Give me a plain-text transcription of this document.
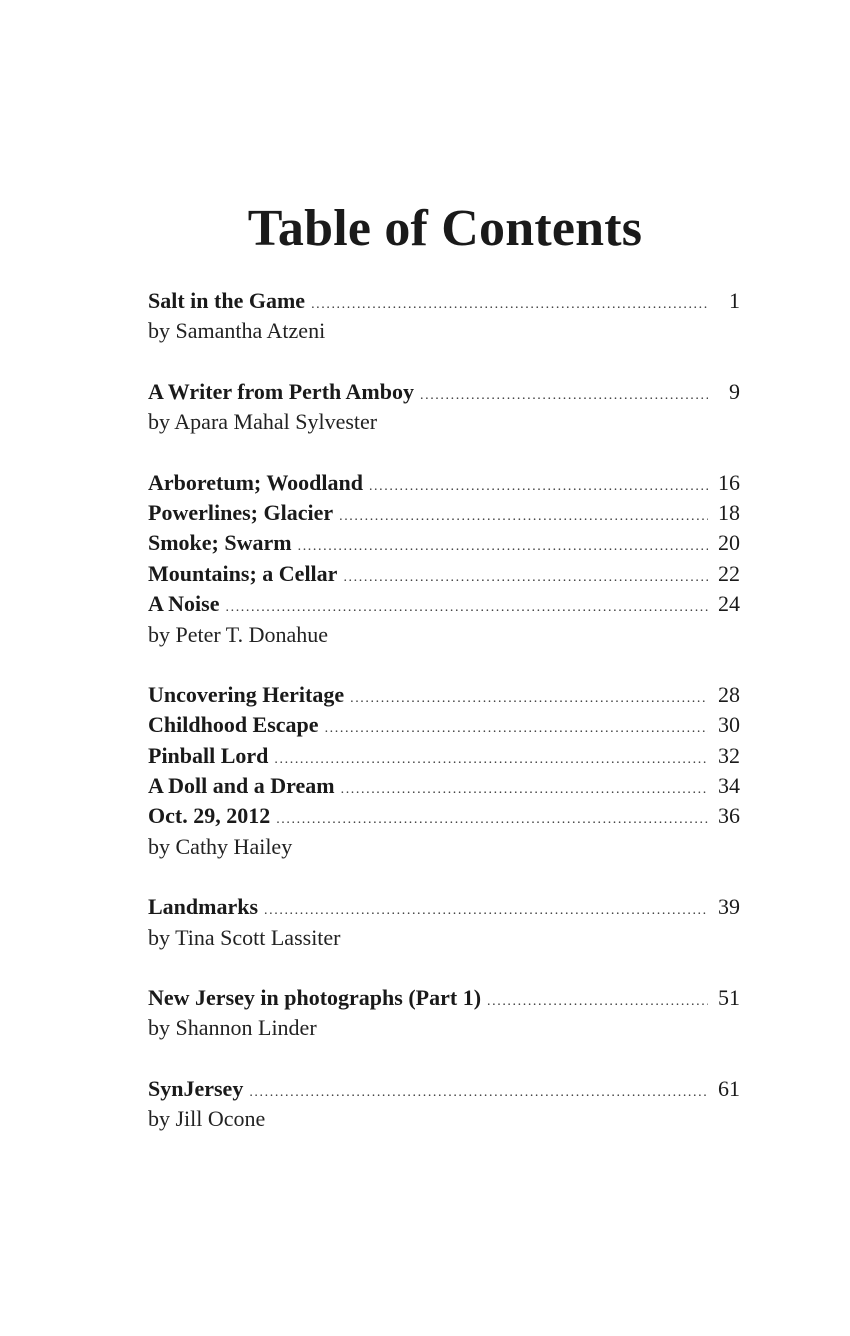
Table of Contents
Salt in the Game .....	1
by Samantha Atzeni
A Writer from Perth Amboy .....	9
by Apara Mahal Sylvester
Arboretum; Woodland .....	16
Powerlines; Glacier .....	18
Smoke; Swarm .....	20
Mountains; a Cellar .....	22
A Noise .....	24
by Peter T. Donahue
Uncovering Heritage .....	28
Childhood Escape .....	30
Pinball Lord .....	32
A Doll and a Dream .....	34
Oct. 29, 2012 .....	36
by Cathy Hailey
Landmarks .....	39
by Tina Scott Lassiter
New Jersey in photographs (Part 1) .....	51
by Shannon Linder
SynJersey .....	61
by Jill Ocone
